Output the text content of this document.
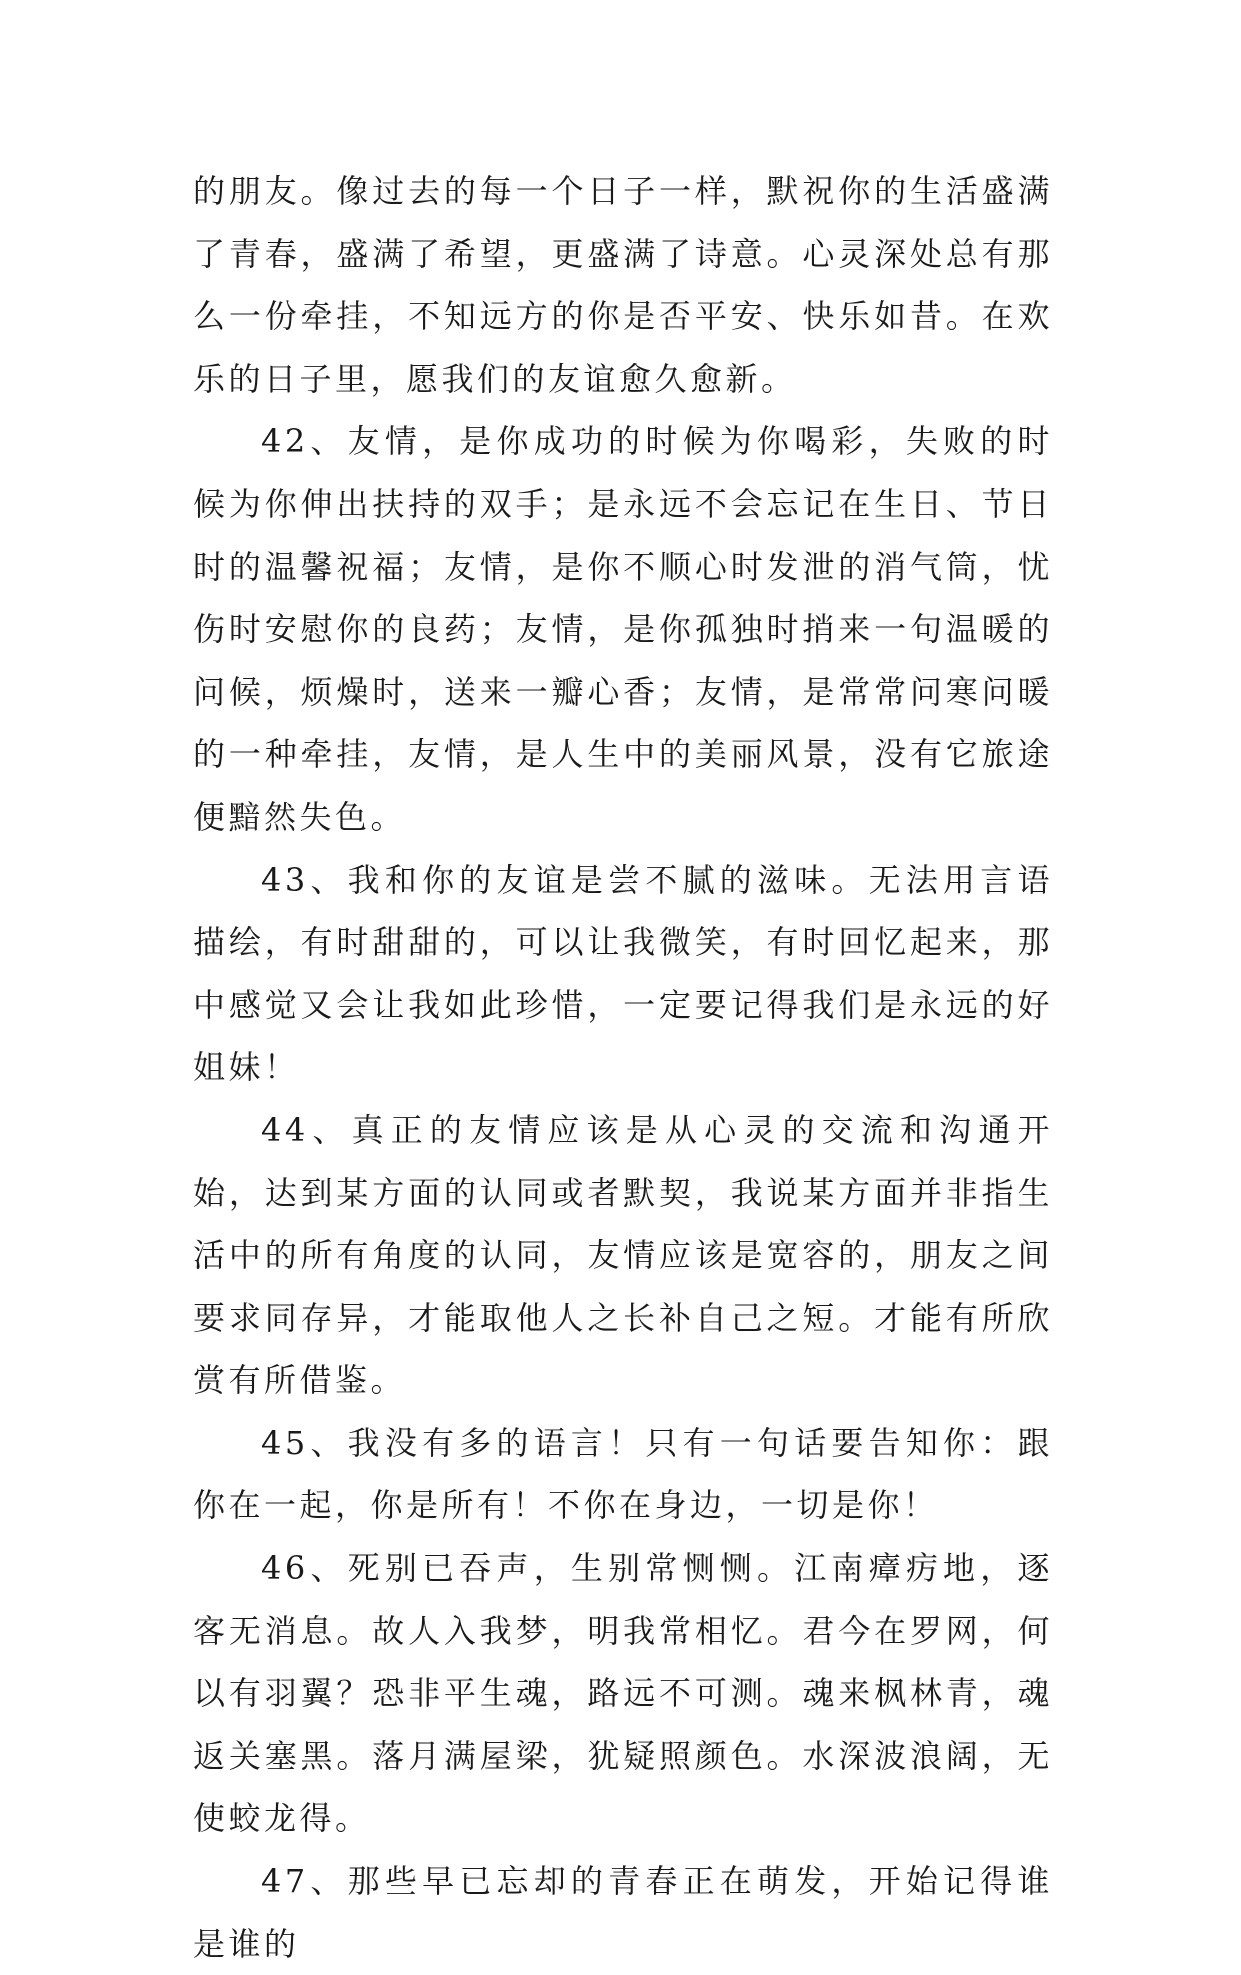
的朋友。像过去的每一个日子一样，默祝你的生活盛满了青春，盛满了希望，更盛满了诗意。心灵深处总有那么一份牵挂，不知远方的你是否平安、快乐如昔。在欢乐的日子里，愿我们的友谊愈久愈新。

42、友情，是你成功的时候为你喝彩，失败的时候为你伸出扶持的双手；是永远不会忘记在生日、节日时的温馨祝福；友情，是你不顺心时发泄的消气筒，忧伤时安慰你的良药；友情，是你孤独时捎来一句温暖的问候，烦燥时，送来一瓣心香；友情，是常常问寒问暖的一种牵挂，友情，是人生中的美丽风景，没有它旅途便黯然失色。

43、我和你的友谊是尝不腻的滋味。无法用言语描绘，有时甜甜的，可以让我微笑，有时回忆起来，那中感觉又会让我如此珍惜，一定要记得我们是永远的好姐妹！

44、真正的友情应该是从心灵的交流和沟通开始，达到某方面的认同或者默契，我说某方面并非指生活中的所有角度的认同，友情应该是宽容的，朋友之间要求同存异，才能取他人之长补自己之短。才能有所欣赏有所借鉴。

45、我没有多的语言！只有一句话要告知你：跟你在一起，你是所有！不你在身边，一切是你！

46、死别已吞声，生别常恻恻。江南瘴疠地，逐客无消息。故人入我梦，明我常相忆。君今在罗网，何以有羽翼？恐非平生魂，路远不可测。魂来枫林青，魂返关塞黑。落月满屋梁，犹疑照颜色。水深波浪阔，无使蛟龙得。

47、那些早已忘却的青春正在萌发，开始记得谁是谁的
